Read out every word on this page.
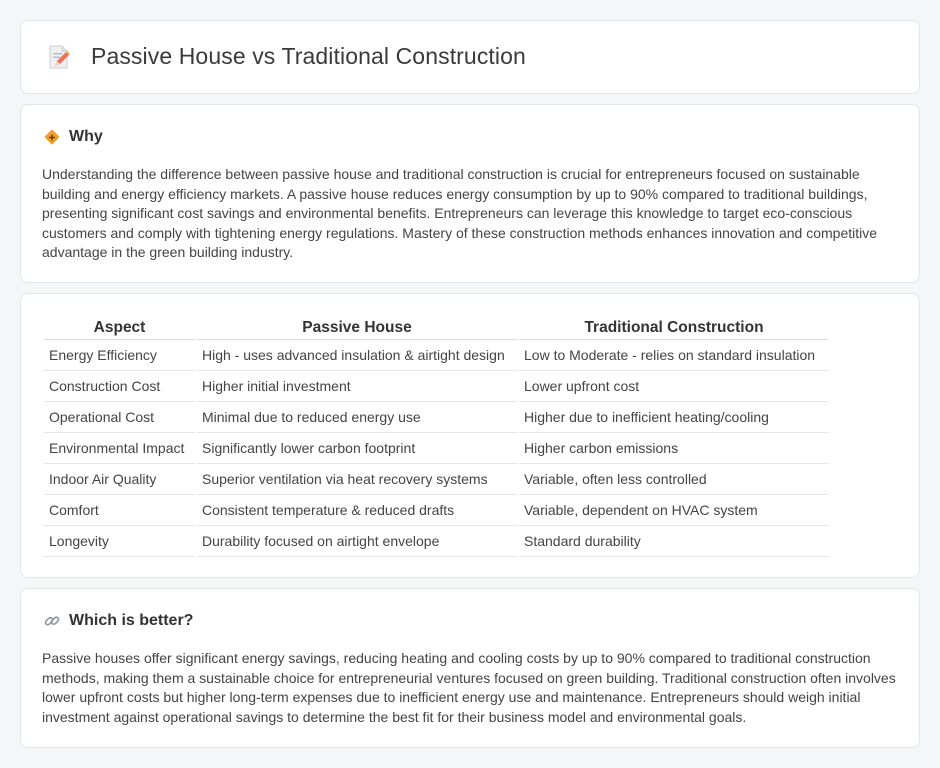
Passive House vs Traditional Construction
Why

Understanding the difference between passive house and traditional construction is crucial for entrepreneurs focused on sustainable building and energy efficiency markets. A passive house reduces energy consumption by up to 90% compared to traditional buildings, presenting significant cost savings and environmental benefits. Entrepreneurs can leverage this knowledge to target eco-conscious customers and comply with tightening energy regulations. Mastery of these construction methods enhances innovation and competitive advantage in the green building industry.

Aspect	Passive House	Traditional Construction
Energy Efficiency	High - uses advanced insulation & airtight design	Low to Moderate - relies on standard insulation
Construction Cost	Higher initial investment	Lower upfront cost
Operational Cost	Minimal due to reduced energy use	Higher due to inefficient heating/cooling
Environmental Impact	Significantly lower carbon footprint	Higher carbon emissions
Indoor Air Quality	Superior ventilation via heat recovery systems	Variable, often less controlled
Comfort	Consistent temperature & reduced drafts	Variable, dependent on HVAC system
Longevity	Durability focused on airtight envelope	Standard durability
Which is better?

Passive houses offer significant energy savings, reducing heating and cooling costs by up to 90% compared to traditional construction methods, making them a sustainable choice for entrepreneurial ventures focused on green building. Traditional construction often involves lower upfront costs but higher long-term expenses due to inefficient energy use and maintenance. Entrepreneurs should weigh initial investment against operational savings to determine the best fit for their business model and environmental goals.
